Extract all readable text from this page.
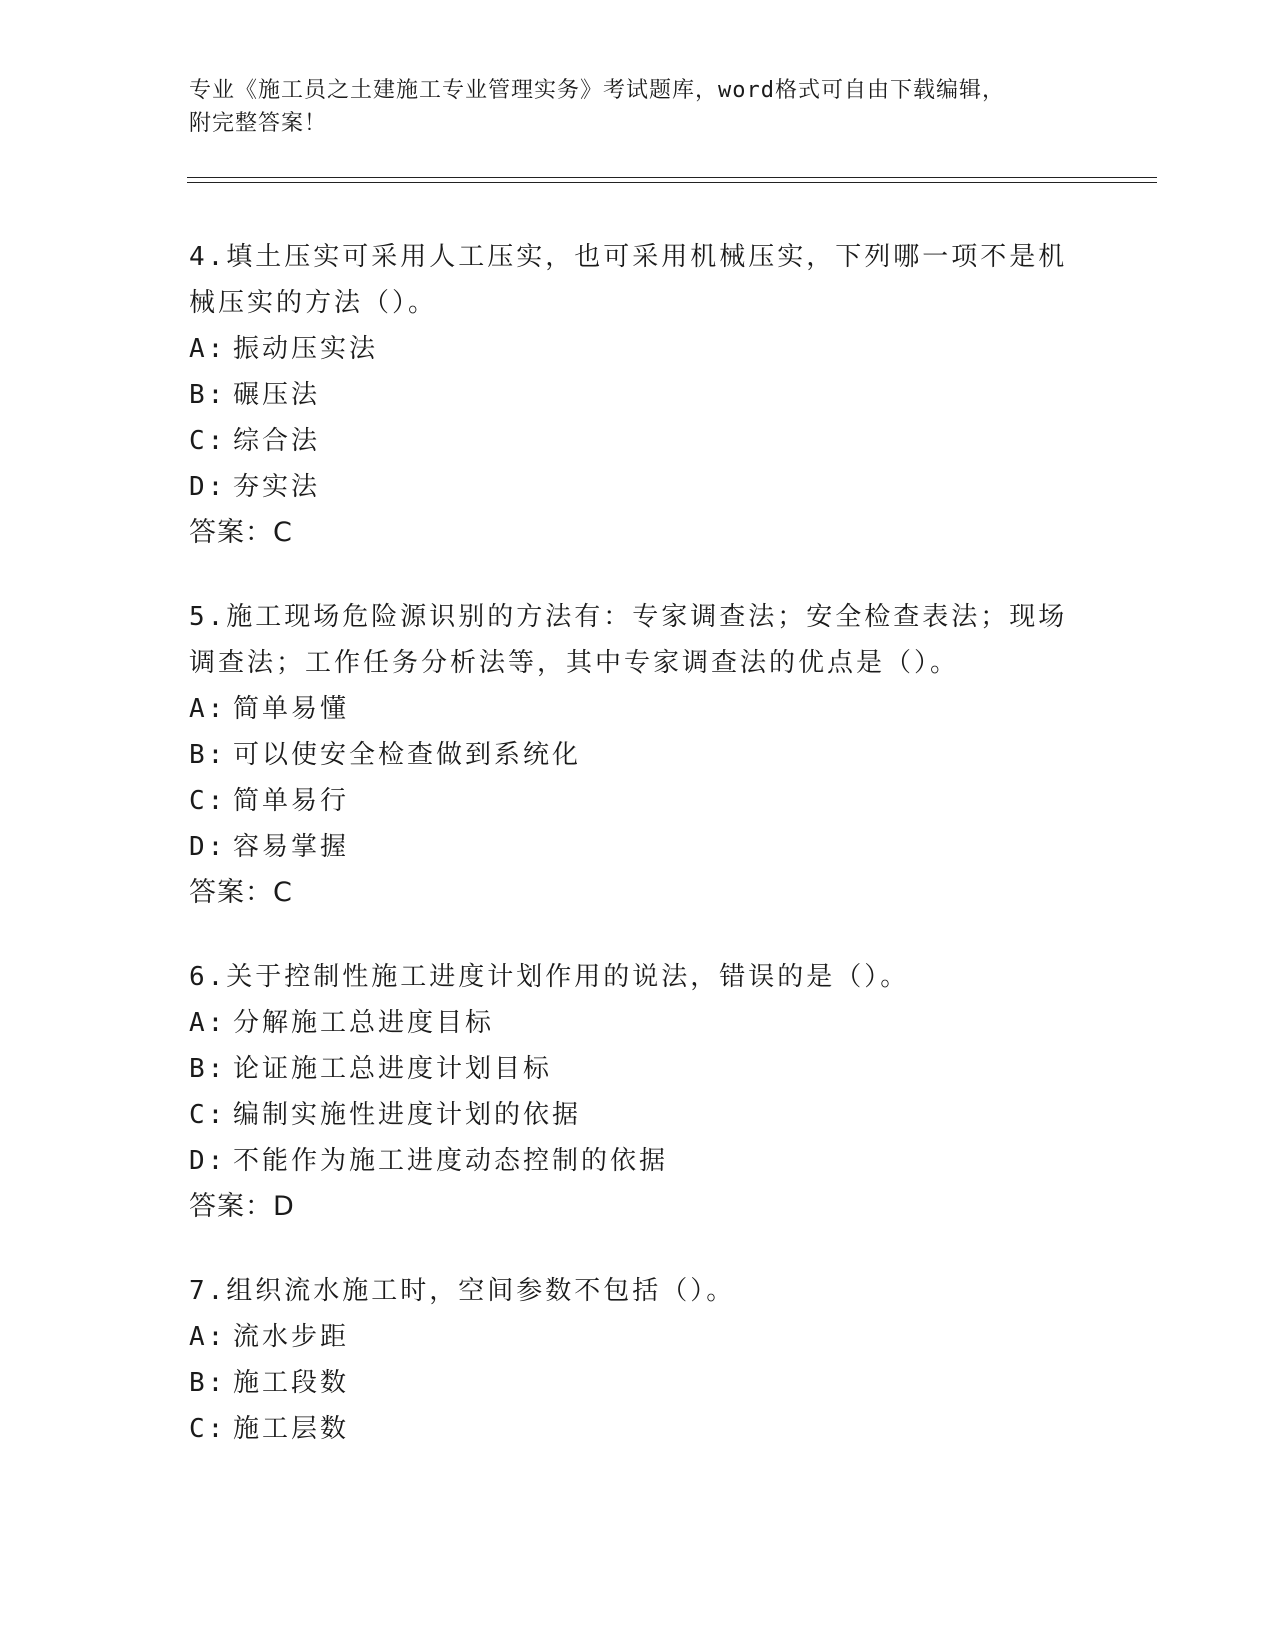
专业《施工员之土建施工专业管理实务》考试题库，word格式可自由下载编辑，
附完整答案！

4.填土压实可采用人工压实，也可采用机械压实，下列哪一项不是机械压实的方法（）。

A: 振动压实法

B: 碾压法

C: 综合法

D: 夯实法

答案：C

5.施工现场危险源识别的方法有：专家调查法；安全检查表法；现场调查法；工作任务分析法等，其中专家调查法的优点是（）。

A: 简单易懂

B: 可以使安全检查做到系统化

C: 简单易行

D: 容易掌握

答案：C

6.关于控制性施工进度计划作用的说法，错误的是（）。

A: 分解施工总进度目标

B: 论证施工总进度计划目标

C: 编制实施性进度计划的依据

D: 不能作为施工进度动态控制的依据

答案：D

7.组织流水施工时，空间参数不包括（）。

A: 流水步距

B: 施工段数

C: 施工层数
